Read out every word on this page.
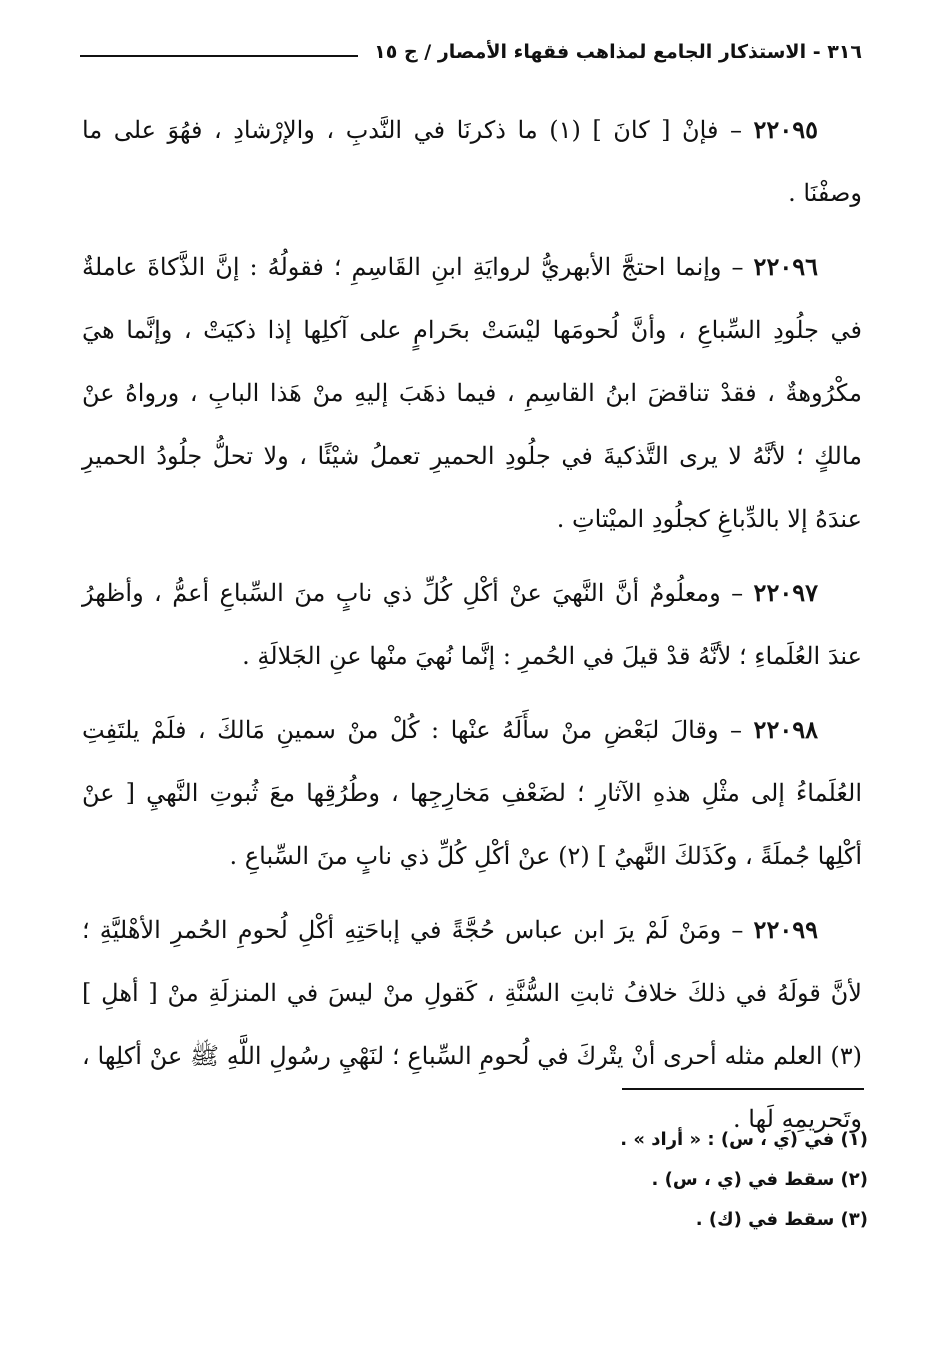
٣١٦ - الاستذكار الجامع لمذاهب فقهاء الأمصار / ج ١٥

٢٢٠٩٥ – فإنْ [ كانَ ] (١) ما ذكرنَا في النَّدبِ ، والإرْشادِ ، فهُوَ على ما وصفْنَا .

٢٢٠٩٦ – وإنما احتجَّ الأبهريُّ لروايَةِ ابنِ القَاسِمِ ؛ فقولُهُ : إنَّ الذَّكاةَ عاملةٌ في جلُودِ السِّباعِ ، وأنَّ لُحومَها ليْسَتْ بحَرامٍ على آكلِها إذا ذكيَتْ ، وإنَّما هيَ مكْرُوهةٌ ، فقدْ تناقضَ ابنُ القاسِمِ ، فيما ذهَبَ إليهِ منْ هَذا البابِ ، ورواهُ عنْ مالكٍ ؛ لأنَّهُ لا يرى التَّذكيةَ في جلُودِ الحميرِ تعملُ شيْئًا ، ولا تحلُّ جلُودُ الحميرِ عندَهُ إلا بالدِّباغِ كجلُودِ الميْتاتِ .

٢٢٠٩٧ – ومعلُومٌ أنَّ النَّهيَ عنْ أكْلِ كُلِّ ذي نابٍ منَ السِّباعِ أعمُّ ، وأظهرُ عندَ العُلَماءِ ؛ لأنَّهُ قدْ قيلَ في الحُمرِ : إنَّما نُهيَ منْها عنِ الجَلالَةِ .

٢٢٠٩٨ – وقالَ لبَعْضِ منْ سأَلَهُ عنْها : كُلْ منْ سمينِ مَالكَ ، فلَمْ يلتَفِتِ العُلَماءُ إلى مثْلِ هذهِ الآثارِ ؛ لضَعْفِ مَخارِجِها ، وطُرُقِها معَ ثُبوتِ النَّهيِ [ عنْ أكْلِها جُملَةً ، وكَذَلكَ النَّهيُ ] (٢) عنْ أكْلِ كُلِّ ذي نابٍ منَ السِّباعِ .

٢٢٠٩٩ – ومَنْ لَمْ يرَ ابن عباس حُجَّةً في إباحَتِهِ أكْلِ لُحومِ الحُمرِ الأهْليَّةِ ؛ لأنَّ قولَهُ في ذلكَ خلافُ ثابتِ السُّنَّةِ ، كَقولِ منْ ليسَ في المنزلَةِ منْ [ أهلِ ] (٣) العلم مثله أحرى أنْ يتْركَ في لُحومِ السِّباعِ ؛ لنَهْيِ رسُولِ اللَّهِ ﷺ عنْ أكلِها ، وتَحريمِهِ لَها .

(١) في (ي ، س) : « أراد » .
(٢) سقط في (ي ، س) .
(٣) سقط في (ك) .
